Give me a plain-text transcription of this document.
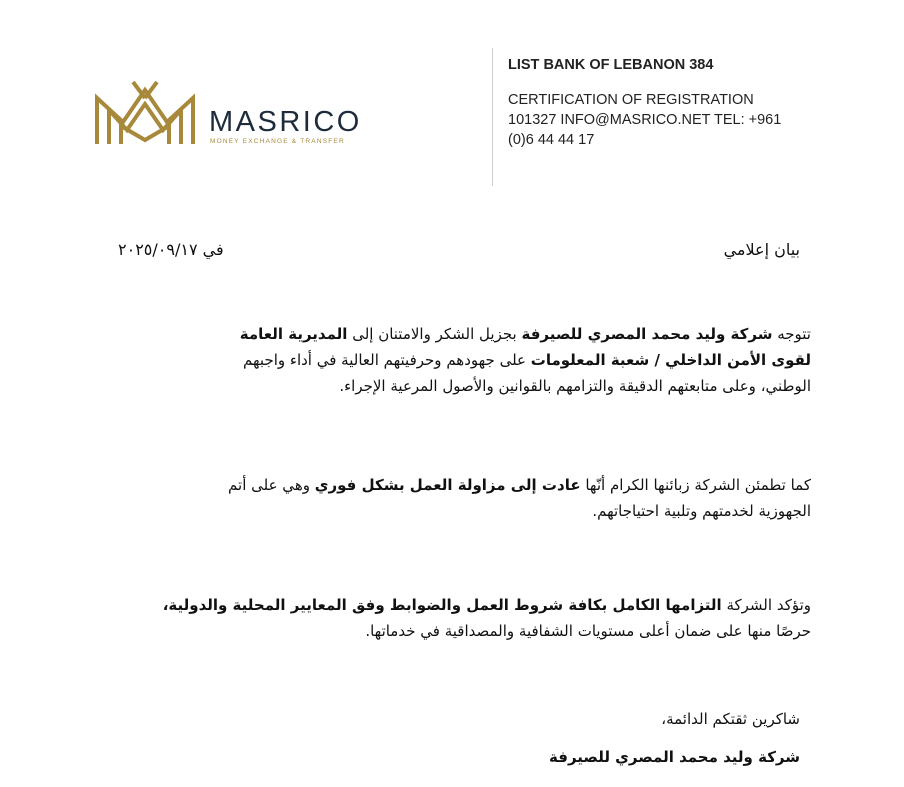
MASRICO
MONEY EXCHANGE & TRANSFER
LIST BANK OF LEBANON 384
CERTIFICATION OF REGISTRATION
101327 INFO@MASRICO.NET TEL: +961
(0)6 44 44 17
بيان إعلامي
في ٢٠٢٥/٠٩/١٧
تتوجه شركة وليد محمد المصري للصيرفة بجزيل الشكر والامتنان إلى المديرية العامة
لقوى الأمن الداخلي / شعبة المعلومات على جهودهم وحرفيتهم العالية في أداء واجبهم
الوطني، وعلى متابعتهم الدقيقة والتزامهم بالقوانين والأصول المرعية الإجراء.
كما تطمئن الشركة زبائنها الكرام أنّها عادت إلى مزاولة العمل بشكل فوري وهي على أتم
الجهوزية لخدمتهم وتلبية احتياجاتهم.
وتؤكد الشركة التزامها الكامل بكافة شروط العمل والضوابط وفق المعايير المحلية والدولية،
حرصًا منها على ضمان أعلى مستويات الشفافية والمصداقية في خدماتها.
شاكرين ثقتكم الدائمة،
شركة وليد محمد المصري للصيرفة
